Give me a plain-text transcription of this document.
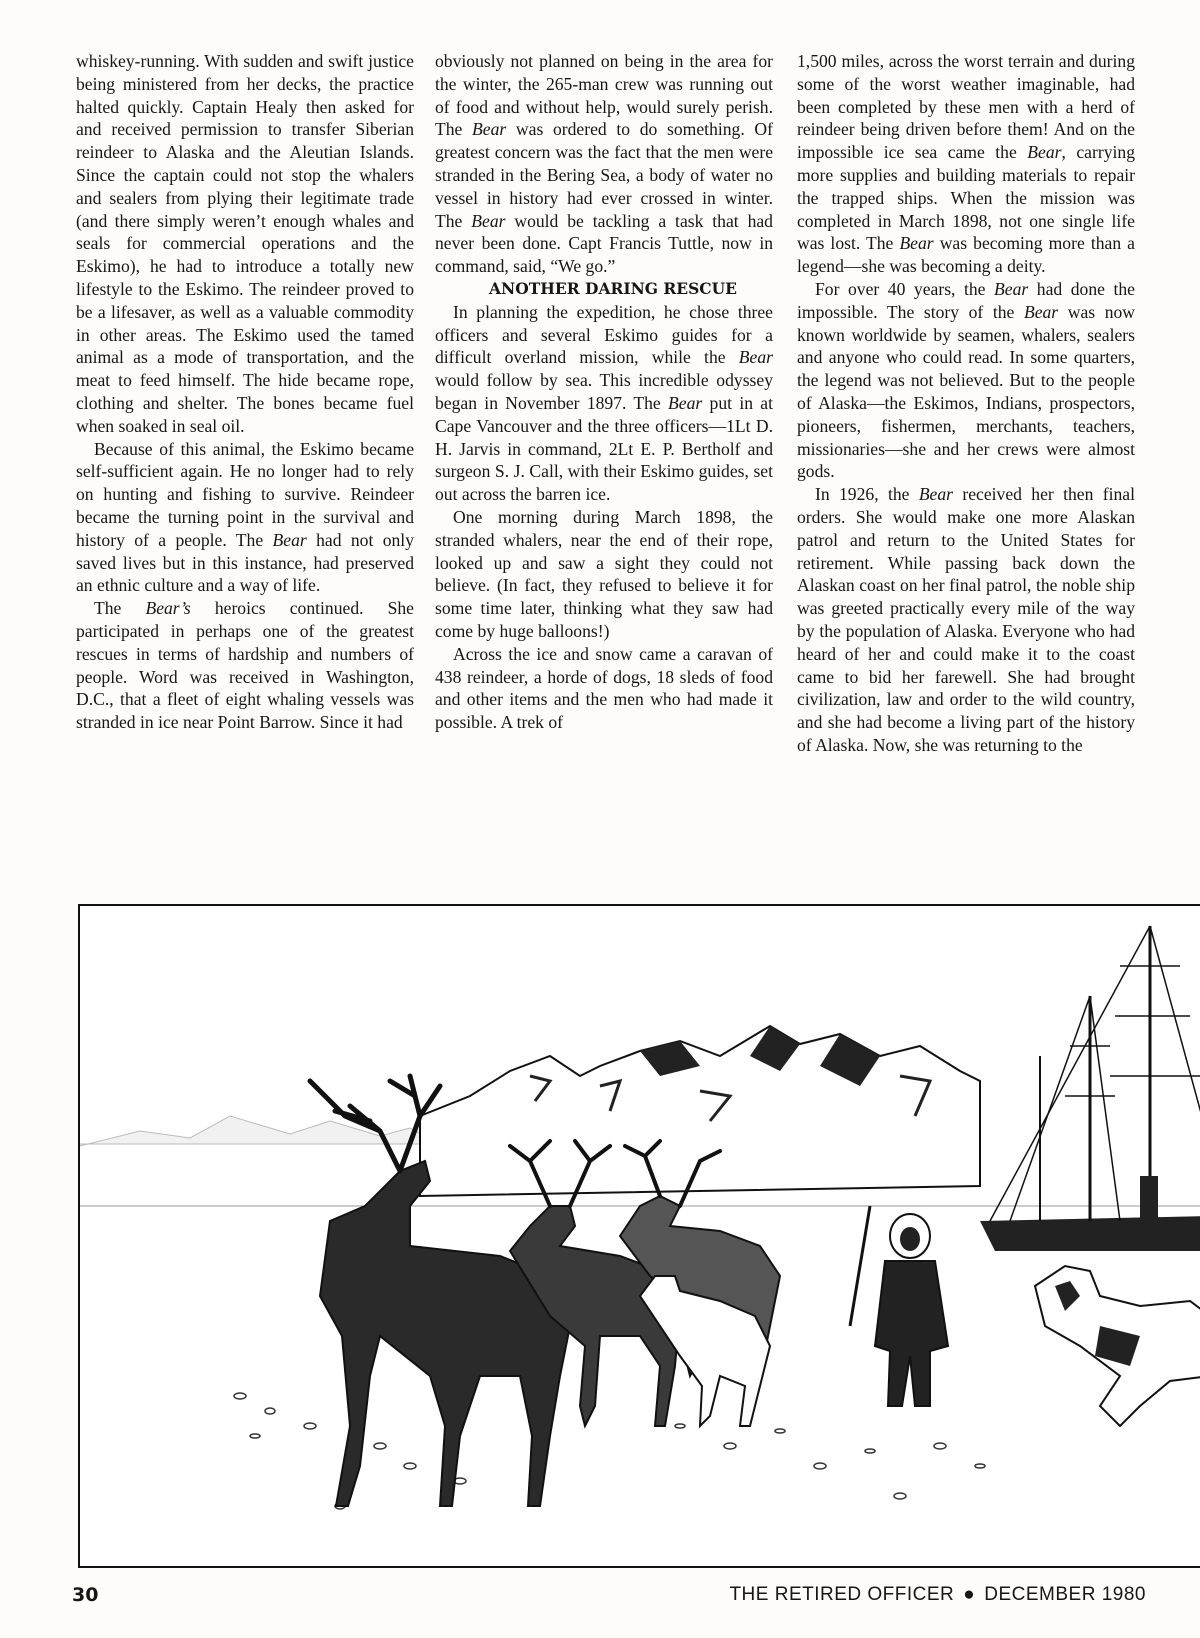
whiskey-running. With sudden and swift justice being ministered from her decks, the practice halted quickly. Captain Healy then asked for and received permission to transfer Siberian reindeer to Alaska and the Aleutian Islands. Since the captain could not stop the whalers and sealers from plying their legitimate trade (and there simply weren’t enough whales and seals for commercial operations and the Eskimo), he had to introduce a totally new lifestyle to the Eskimo. The reindeer proved to be a lifesaver, as well as a valuable commodity in other areas. The Eskimo used the tamed animal as a mode of transportation, and the meat to feed himself. The hide became rope, clothing and shelter. The bones became fuel when soaked in seal oil.

Because of this animal, the Eskimo became self-sufficient again. He no longer had to rely on hunting and fishing to survive. Reindeer became the turning point in the survival and history of a people. The Bear had not only saved lives but in this instance, had preserved an ethnic culture and a way of life.

The Bear’s heroics continued. She participated in perhaps one of the greatest rescues in terms of hardship and numbers of people. Word was received in Washington, D.C., that a fleet of eight whaling vessels was stranded in ice near Point Barrow. Since it had

obviously not planned on being in the area for the winter, the 265-man crew was running out of food and without help, would surely perish. The Bear was ordered to do something. Of greatest concern was the fact that the men were stranded in the Bering Sea, a body of water no vessel in history had ever crossed in winter. The Bear would be tackling a task that had never been done. Capt Francis Tuttle, now in command, said, “We go.”

ANOTHER DARING RESCUE

In planning the expedition, he chose three officers and several Eskimo guides for a difficult overland mission, while the Bear would follow by sea. This incredible odyssey began in November 1897. The Bear put in at Cape Vancouver and the three officers—1Lt D. H. Jarvis in command, 2Lt E. P. Bertholf and surgeon S. J. Call, with their Eskimo guides, set out across the barren ice.

One morning during March 1898, the stranded whalers, near the end of their rope, looked up and saw a sight they could not believe. (In fact, they refused to believe it for some time later, thinking what they saw had come by huge balloons!)

Across the ice and snow came a caravan of 438 reindeer, a horde of dogs, 18 sleds of food and other items and the men who had made it possible. A trek of

1,500 miles, across the worst terrain and during some of the worst weather imaginable, had been completed by these men with a herd of reindeer being driven before them! And on the impossible ice sea came the Bear, carrying more supplies and building materials to repair the trapped ships. When the mission was completed in March 1898, not one single life was lost. The Bear was becoming more than a legend—she was becoming a deity.

For over 40 years, the Bear had done the impossible. The story of the Bear was now known worldwide by seamen, whalers, sealers and anyone who could read. In some quarters, the legend was not believed. But to the people of Alaska—the Eskimos, Indians, prospectors, pioneers, fishermen, merchants, teachers, missionaries—she and her crews were almost gods.

In 1926, the Bear received her then final orders. She would make one more Alaskan patrol and return to the United States for retirement. While passing back down the Alaskan coast on her final patrol, the noble ship was greeted practically every mile of the way by the population of Alaska. Everyone who had heard of her and could make it to the coast came to bid her farewell. She had brought civilization, law and order to the wild country, and she had become a living part of the history of Alaska. Now, she was returning to the

30	THE RETIRED OFFICER ● DECEMBER 1980
